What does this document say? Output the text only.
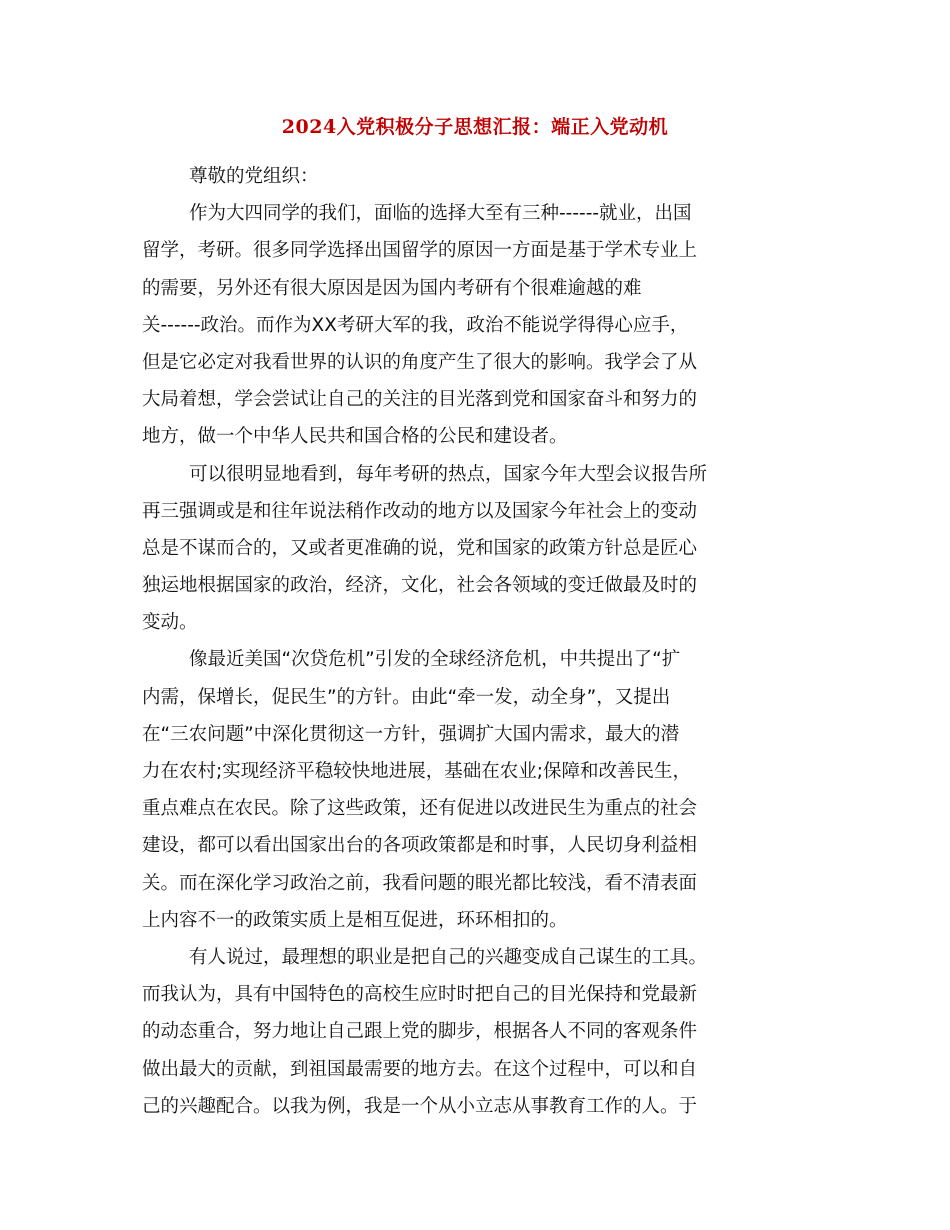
2024入党积极分子思想汇报：端正入党动机
尊敬的党组织：
作为大四同学的我们，面临的选择大至有三种------就业，出国
留学，考研。很多同学选择出国留学的原因一方面是基于学术专业上
的需要，另外还有很大原因是因为国内考研有个很难逾越的难
关------政治。而作为XX考研大军的我，政治不能说学得得心应手，
但是它必定对我看世界的认识的角度产生了很大的影响。我学会了从
大局着想，学会尝试让自己的关注的目光落到党和国家奋斗和努力的
地方，做一个中华人民共和国合格的公民和建设者。
可以很明显地看到，每年考研的热点，国家今年大型会议报告所
再三强调或是和往年说法稍作改动的地方以及国家今年社会上的变动
总是不谋而合的，又或者更准确的说，党和国家的政策方针总是匠心
独运地根据国家的政治，经济，文化，社会各领域的变迁做最及时的
变动。
像最近美国“次贷危机”引发的全球经济危机，中共提出了“扩
内需，保增长，促民生”的方针。由此“牵一发，动全身”，又提出
在“三农问题”中深化贯彻这一方针，强调扩大国内需求，最大的潜
力在农村;实现经济平稳较快地进展，基础在农业;保障和改善民生，
重点难点在农民。除了这些政策，还有促进以改进民生为重点的社会
建设，都可以看出国家出台的各项政策都是和时事，人民切身利益相
关。而在深化学习政治之前，我看问题的眼光都比较浅，看不清表面
上内容不一的政策实质上是相互促进，环环相扣的。
有人说过，最理想的职业是把自己的兴趣变成自己谋生的工具。
而我认为，具有中国特色的高校生应时时把自己的目光保持和党最新
的动态重合，努力地让自己跟上党的脚步，根据各人不同的客观条件
做出最大的贡献，到祖国最需要的地方去。在这个过程中，可以和自
己的兴趣配合。以我为例，我是一个从小立志从事教育工作的人。于
